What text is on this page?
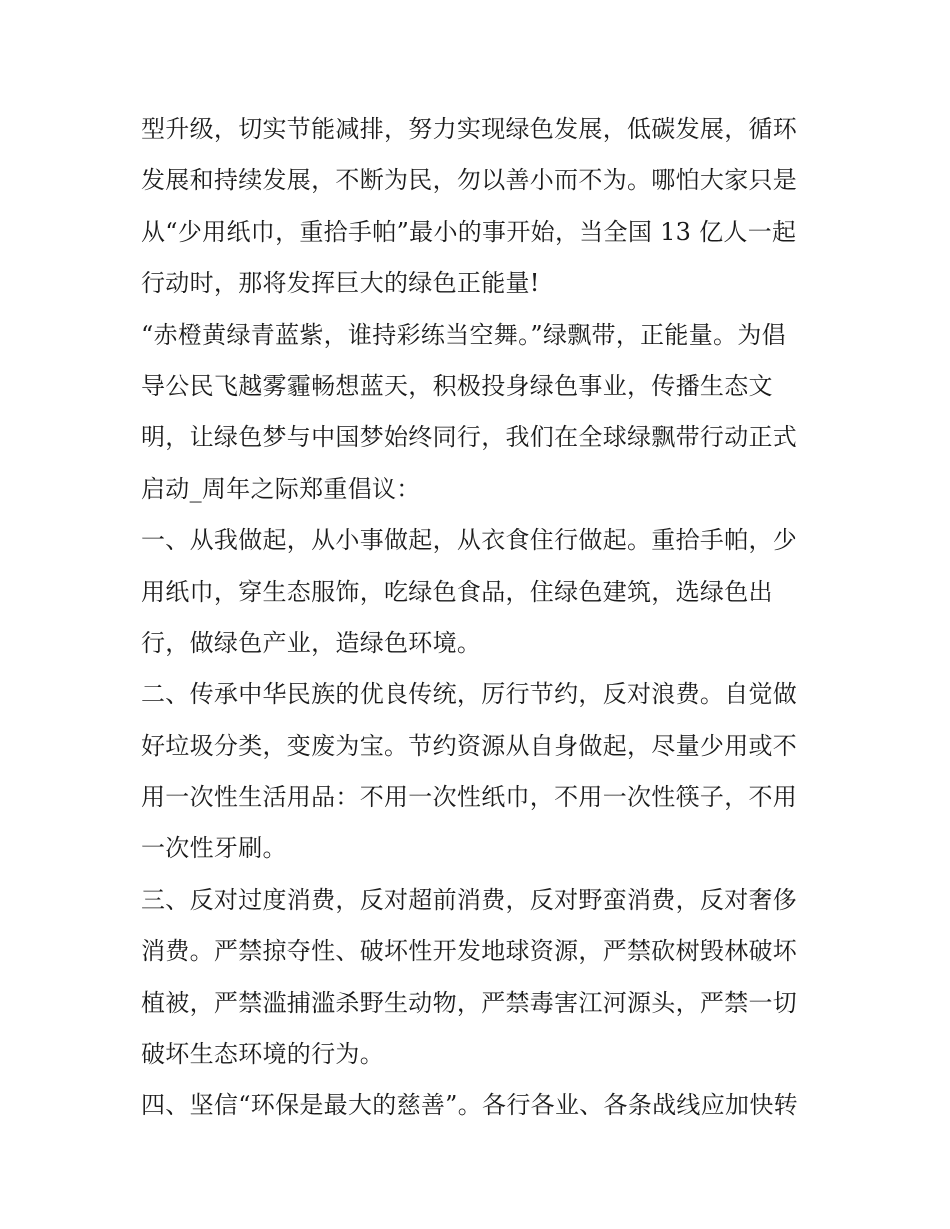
型升级，切实节能减排，努力实现绿色发展，低碳发展，循环
发展和持续发展，不断为民，勿以善小而不为。哪怕大家只是
从“少用纸巾，重拾手帕”最小的事开始，当全国 13 亿人一起
行动时，那将发挥巨大的绿色正能量!
“赤橙黄绿青蓝紫，谁持彩练当空舞。”绿飘带，正能量。为倡
导公民飞越雾霾畅想蓝天，积极投身绿色事业，传播生态文
明，让绿色梦与中国梦始终同行，我们在全球绿飘带行动正式
启动_周年之际郑重倡议：
一、从我做起，从小事做起，从衣食住行做起。重拾手帕，少
用纸巾，穿生态服饰，吃绿色食品，住绿色建筑，选绿色出
行，做绿色产业，造绿色环境。
二、传承中华民族的优良传统，厉行节约，反对浪费。自觉做
好垃圾分类，变废为宝。节约资源从自身做起，尽量少用或不
用一次性生活用品：不用一次性纸巾，不用一次性筷子，不用
一次性牙刷。
三、反对过度消费，反对超前消费，反对野蛮消费，反对奢侈
消费。严禁掠夺性、破坏性开发地球资源，严禁砍树毁林破坏
植被，严禁滥捕滥杀野生动物，严禁毒害江河源头，严禁一切
破坏生态环境的行为。
四、坚信“环保是最大的慈善”。各行各业、各条战线应加快转
